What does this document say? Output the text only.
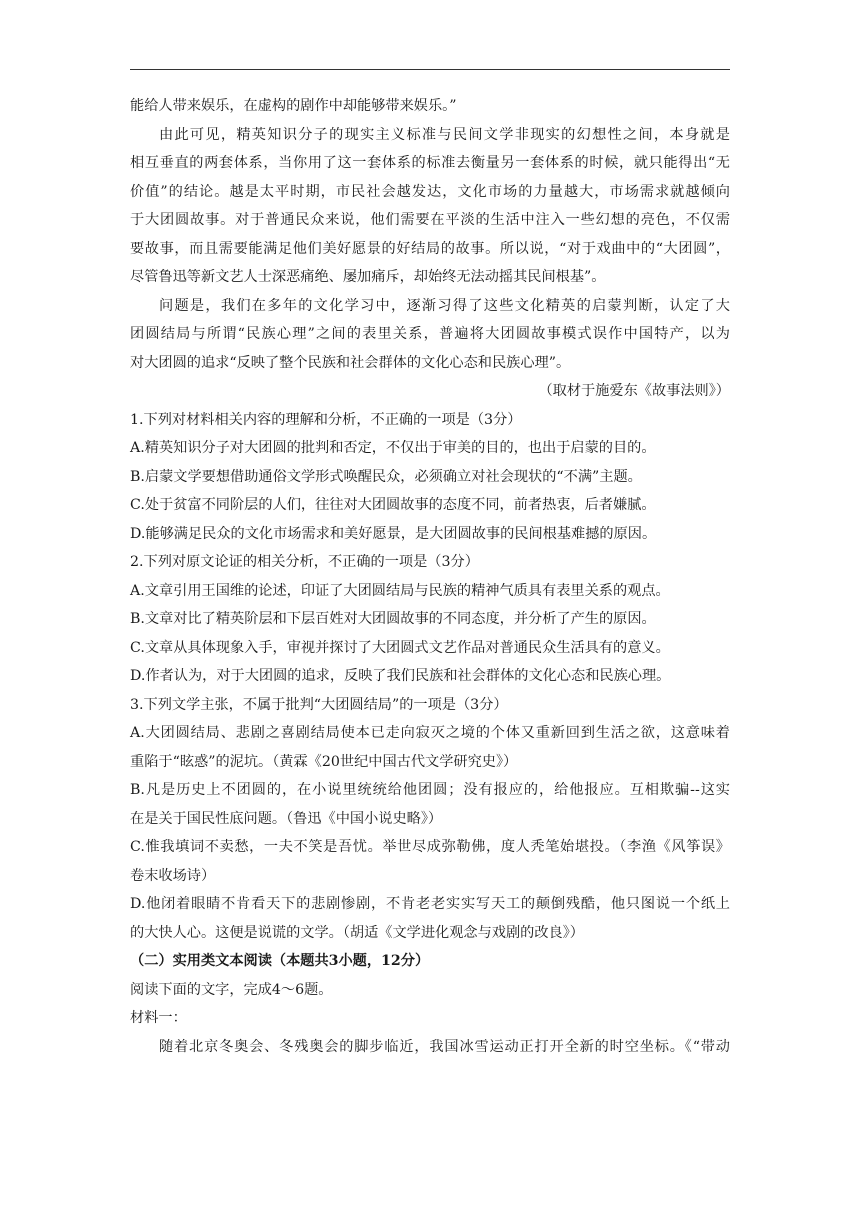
能给人带来娱乐，在虚构的剧作中却能够带来娱乐。”
由此可见，精英知识分子的现实主义标准与民间文学非现实的幻想性之间，本身就是
相互垂直的两套体系，当你用了这一套体系的标准去衡量另一套体系的时候，就只能得出“无
价值”的结论。越是太平时期，市民社会越发达，文化市场的力量越大，市场需求就越倾向
于大团圆故事。对于普通民众来说，他们需要在平淡的生活中注入一些幻想的亮色，不仅需
要故事，而且需要能满足他们美好愿景的好结局的故事。所以说，“对于戏曲中的“大团圆”，
尽管鲁迅等新文艺人士深恶痛绝、屡加痛斥，却始终无法动摇其民间根基”。
问题是，我们在多年的文化学习中，逐渐习得了这些文化精英的启蒙判断，认定了大
团圆结局与所谓“民族心理”之间的表里关系，普遍将大团圆故事模式误作中国特产，以为
对大团圆的追求“反映了整个民族和社会群体的文化心态和民族心理”。
（取材于施爱东《故事法则》）
1.下列对材料相关内容的理解和分析，不正确的一项是（3分）
A.精英知识分子对大团圆的批判和否定，不仅出于审美的目的，也出于启蒙的目的。
B.启蒙文学要想借助通俗文学形式唤醒民众，必须确立对社会现状的“不满”主题。
C.处于贫富不同阶层的人们，往往对大团圆故事的态度不同，前者热衷，后者嫌腻。
D.能够满足民众的文化市场需求和美好愿景，是大团圆故事的民间根基难撼的原因。
2.下列对原文论证的相关分析，不正确的一项是（3分）
A.文章引用王国维的论述，印证了大团圆结局与民族的精神气质具有表里关系的观点。
B.文章对比了精英阶层和下层百姓对大团圆故事的不同态度，并分析了产生的原因。
C.文章从具体现象入手，审视并探讨了大团圆式文艺作品对普通民众生活具有的意义。
D.作者认为，对于大团圆的追求，反映了我们民族和社会群体的文化心态和民族心理。
3.下列文学主张，不属于批判“大团圆结局”的一项是（3分）
A.大团圆结局、悲剧之喜剧结局使本已走向寂灭之境的个体又重新回到生活之欲，这意味着
重陷于“眩惑”的泥坑。（黄霖《20世纪中国古代文学研究史》）
B.凡是历史上不团圆的，在小说里统统给他团圆；没有报应的，给他报应。互相欺骗--这实
在是关于国民性底问题。（鲁迅《中国小说史略》）
C.惟我填词不卖愁，一夫不笑是吾忧。举世尽成弥勒佛，度人秃笔始堪投。（李渔《风筝误》
卷末收场诗）
D.他闭着眼睛不肯看天下的悲剧惨剧，不肯老老实实写天工的颠倒残酷，他只图说一个纸上
的大快人心。这便是说谎的文学。（胡适《文学进化观念与戏剧的改良》）
（二）实用类文本阅读（本题共3小题，12分）
阅读下面的文字，完成4～6题。
材料一：
随着北京冬奥会、冬残奥会的脚步临近，我国冰雪运动正打开全新的时空坐标。《“带动
